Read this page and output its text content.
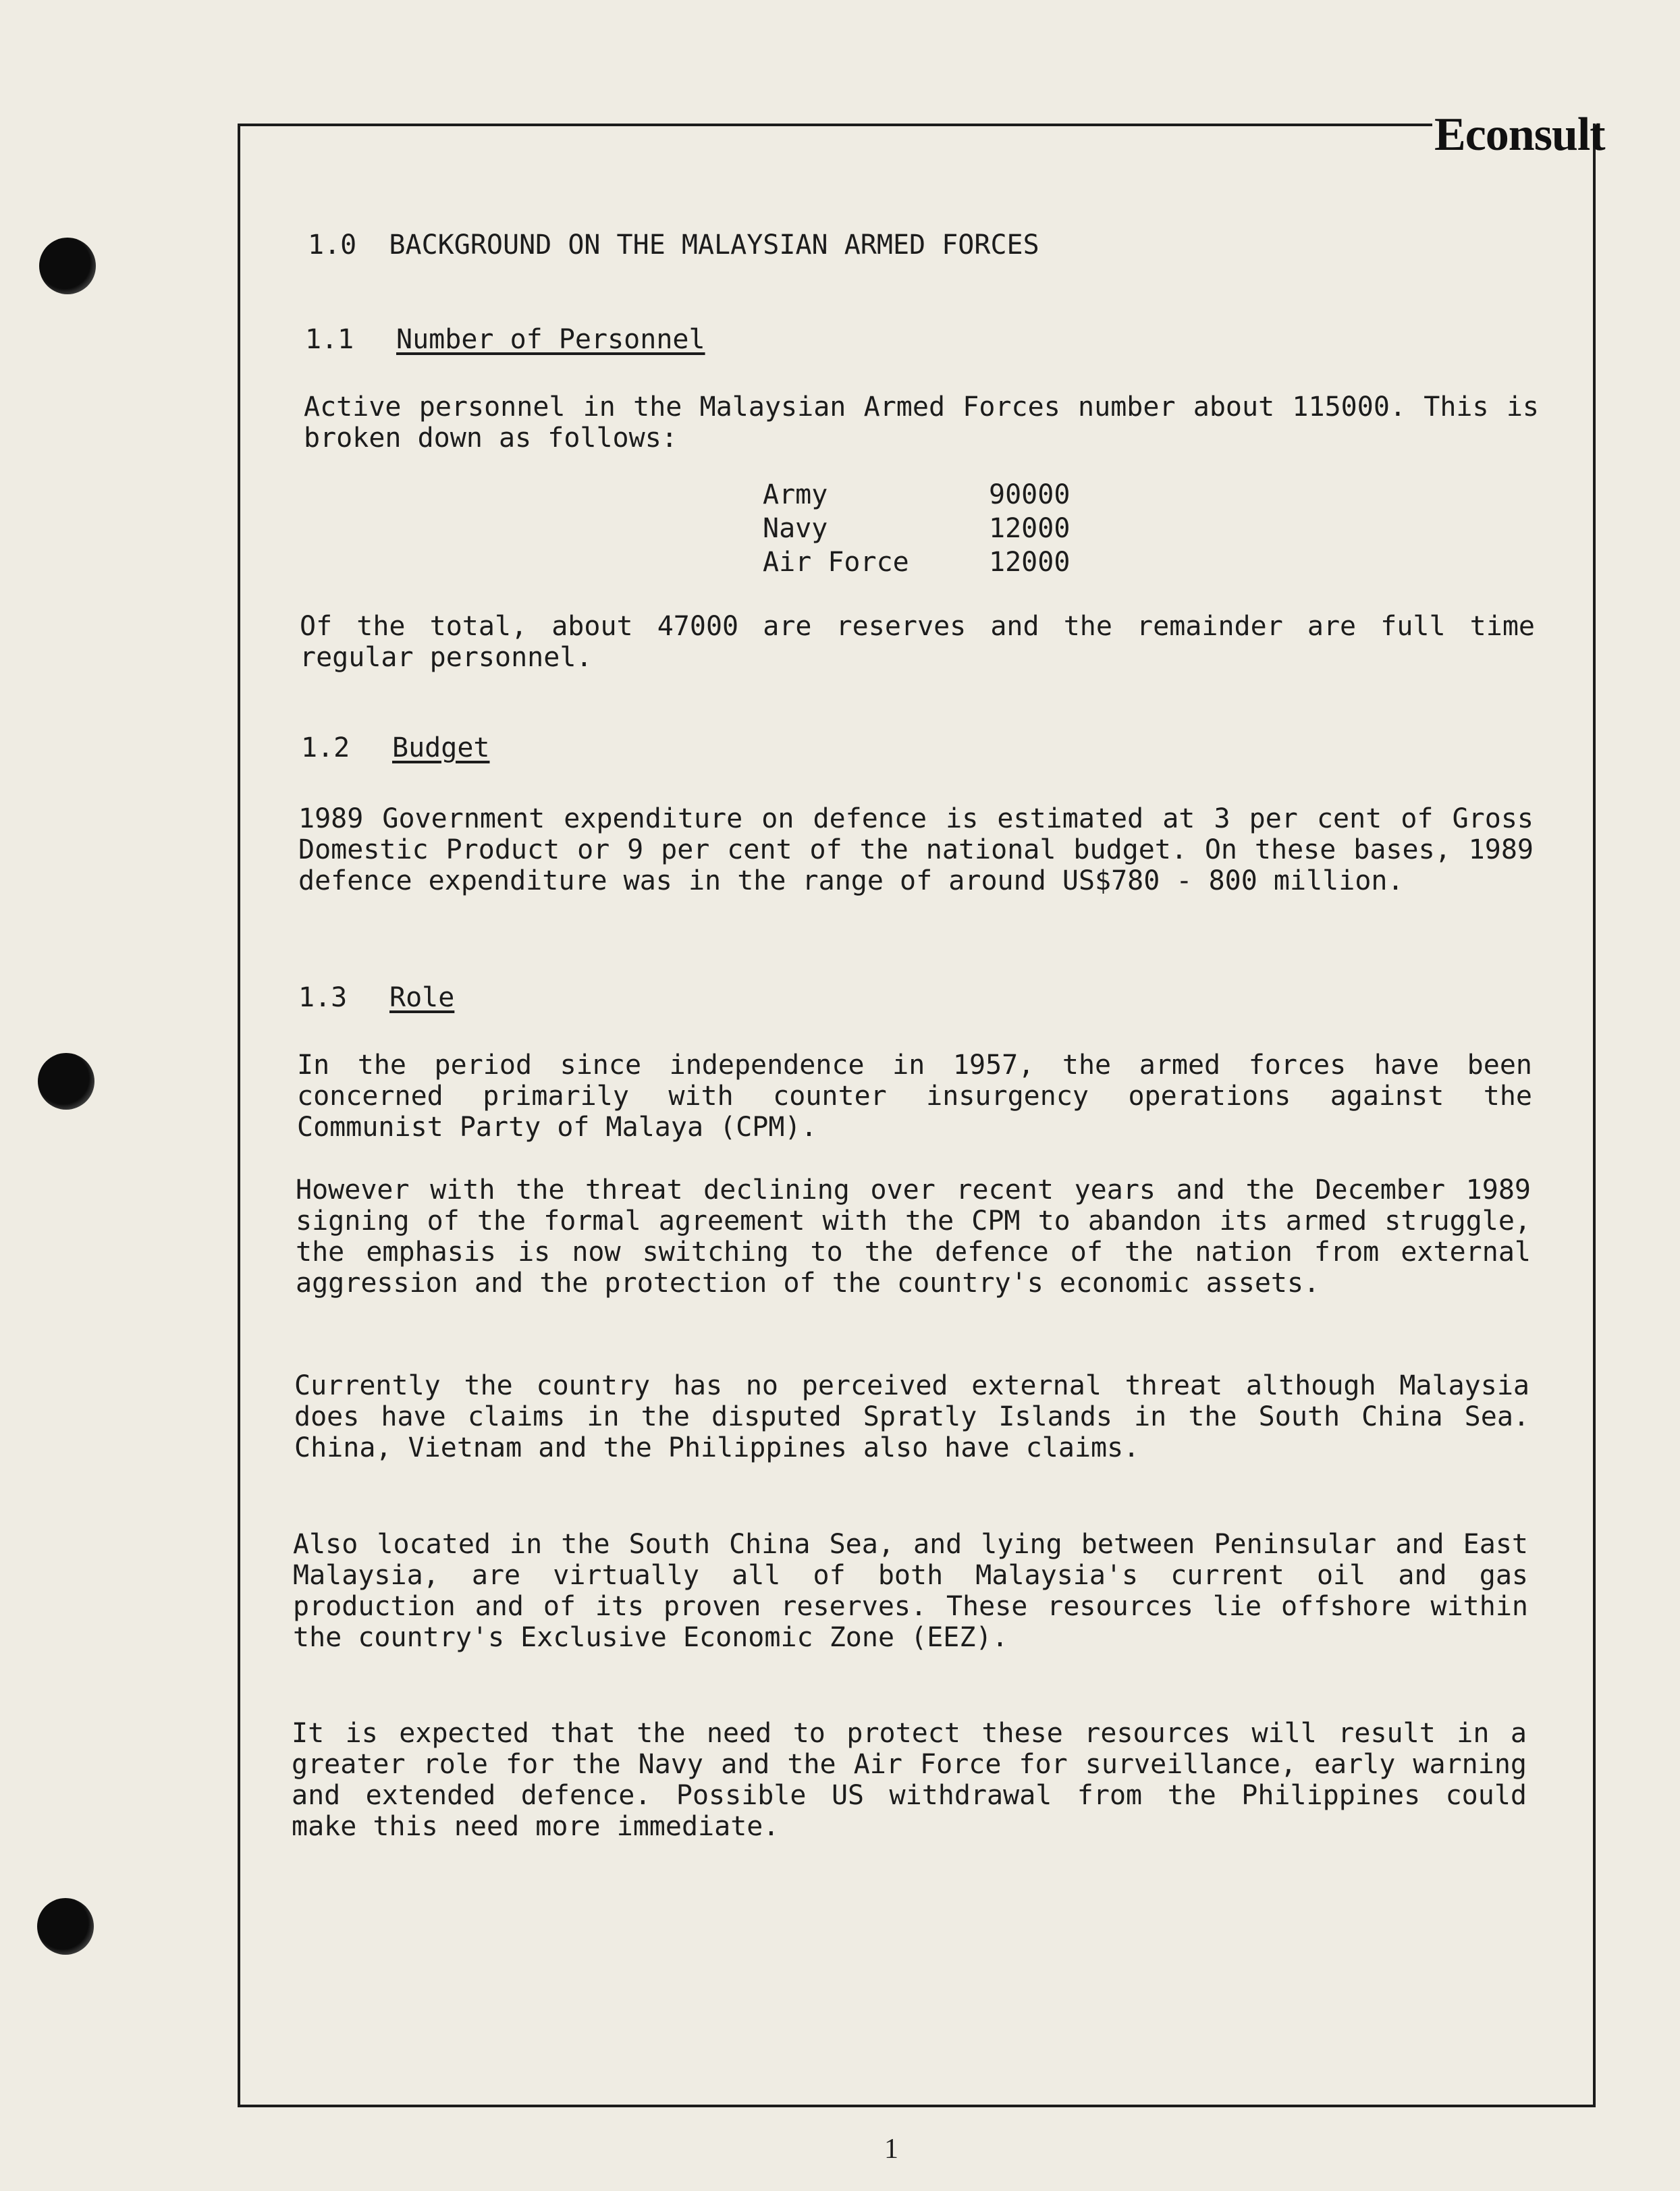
Econsult
1.0  BACKGROUND ON THE MALAYSIAN ARMED FORCES
1.1 Number of Personnel
Active personnel in the Malaysian Armed Forces number about 115000. This is broken down as follows:
Army	90000
Navy	12000
Air Force	12000
Of the total, about 47000 are reserves and the remainder are full time regular personnel.
1.2 Budget
1989 Government expenditure on defence is estimated at 3 per cent of Gross Domestic Product or 9 per cent of the national budget. On these bases, 1989 defence expenditure was in the range of around US$780 - 800 million.
1.3 Role
In the period since independence in 1957, the armed forces have been concerned primarily with counter insurgency operations against the Communist Party of Malaya (CPM).
However with the threat declining over recent years and the December 1989 signing of the formal agreement with the CPM to abandon its armed struggle, the emphasis is now switching to the defence of the nation from external aggression and the protection of the country's economic assets.
Currently the country has no perceived external threat although Malaysia does have claims in the disputed Spratly Islands in the South China Sea. China, Vietnam and the Philippines also have claims.
Also located in the South China Sea, and lying between Peninsular and East Malaysia, are virtually all of both Malaysia's current oil and gas production and of its proven reserves. These resources lie offshore within the country's Exclusive Economic Zone (EEZ).
It is expected that the need to protect these resources will result in a greater role for the Navy and the Air Force for surveillance, early warning and extended defence. Possible US withdrawal from the Philippines could make this need more immediate.
1
